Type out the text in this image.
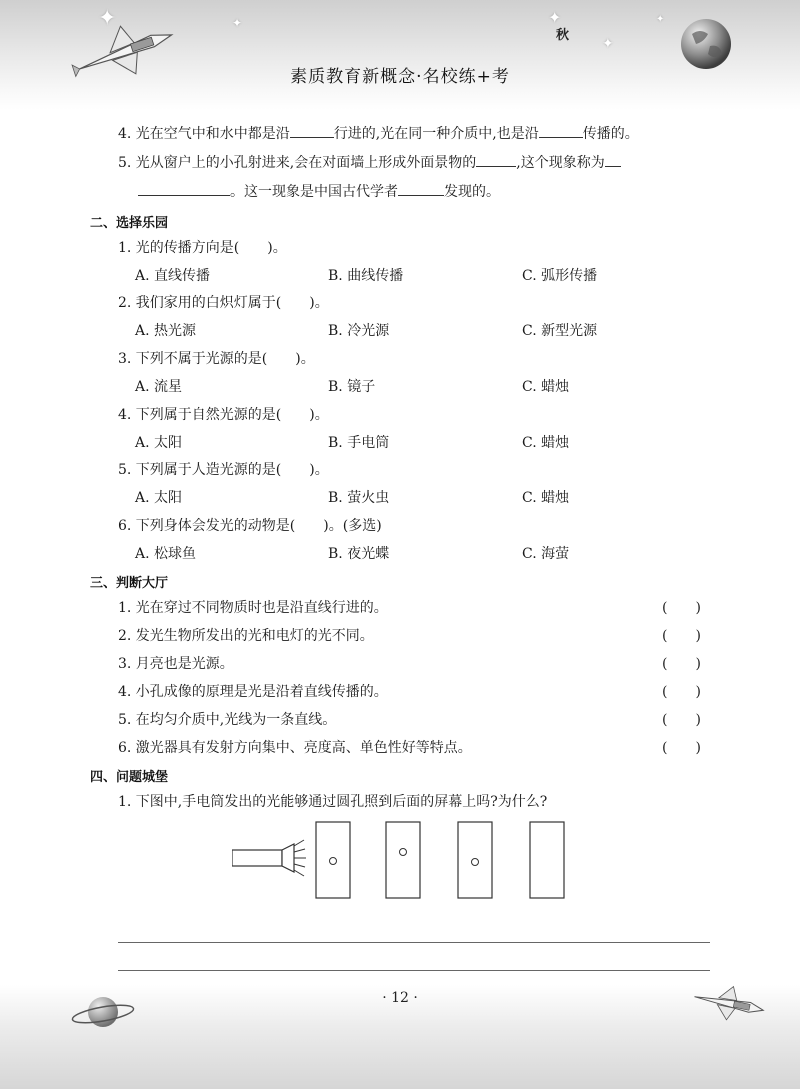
✦	✦	✦
✦
✦
秋
素质教育新概念·名校练+考
4. 光在空气中和水中都是沿	行进的,光在同一种介质中,也是沿	传播的。
5. 光从窗户上的小孔射进来,会在对面墙上形成外面景物的	,这个现象称为
。这一现象是中国古代学者	发现的。
二、选择乐园
1. 光的传播方向是(　　)。
A. 直线传播	B. 曲线传播	C. 弧形传播
2. 我们家用的白炽灯属于(　　)。
A. 热光源	B. 冷光源	C. 新型光源
3. 下列不属于光源的是(　　)。
A. 流星	B. 镜子	C. 蜡烛
4. 下列属于自然光源的是(　　)。
A. 太阳	B. 手电筒	C. 蜡烛
5. 下列属于人造光源的是(　　)。
A. 太阳	B. 萤火虫	C. 蜡烛
6. 下列身体会发光的动物是(　　)。(多选)
A. 松球鱼	B. 夜光蝶	C. 海萤
三、判断大厅
1. 光在穿过不同物质时也是沿直线行进的。	(　　)
2. 发光生物所发出的光和电灯的光不同。	(　　)
3. 月亮也是光源。	(　　)
4. 小孔成像的原理是光是沿着直线传播的。	(　　)
5. 在均匀介质中,光线为一条直线。	(　　)
6. 激光器具有发射方向集中、亮度高、单色性好等特点。	(　　)
四、问题城堡
1. 下图中,手电筒发出的光能够通过圆孔照到后面的屏幕上吗?为什么?
· 12 ·
